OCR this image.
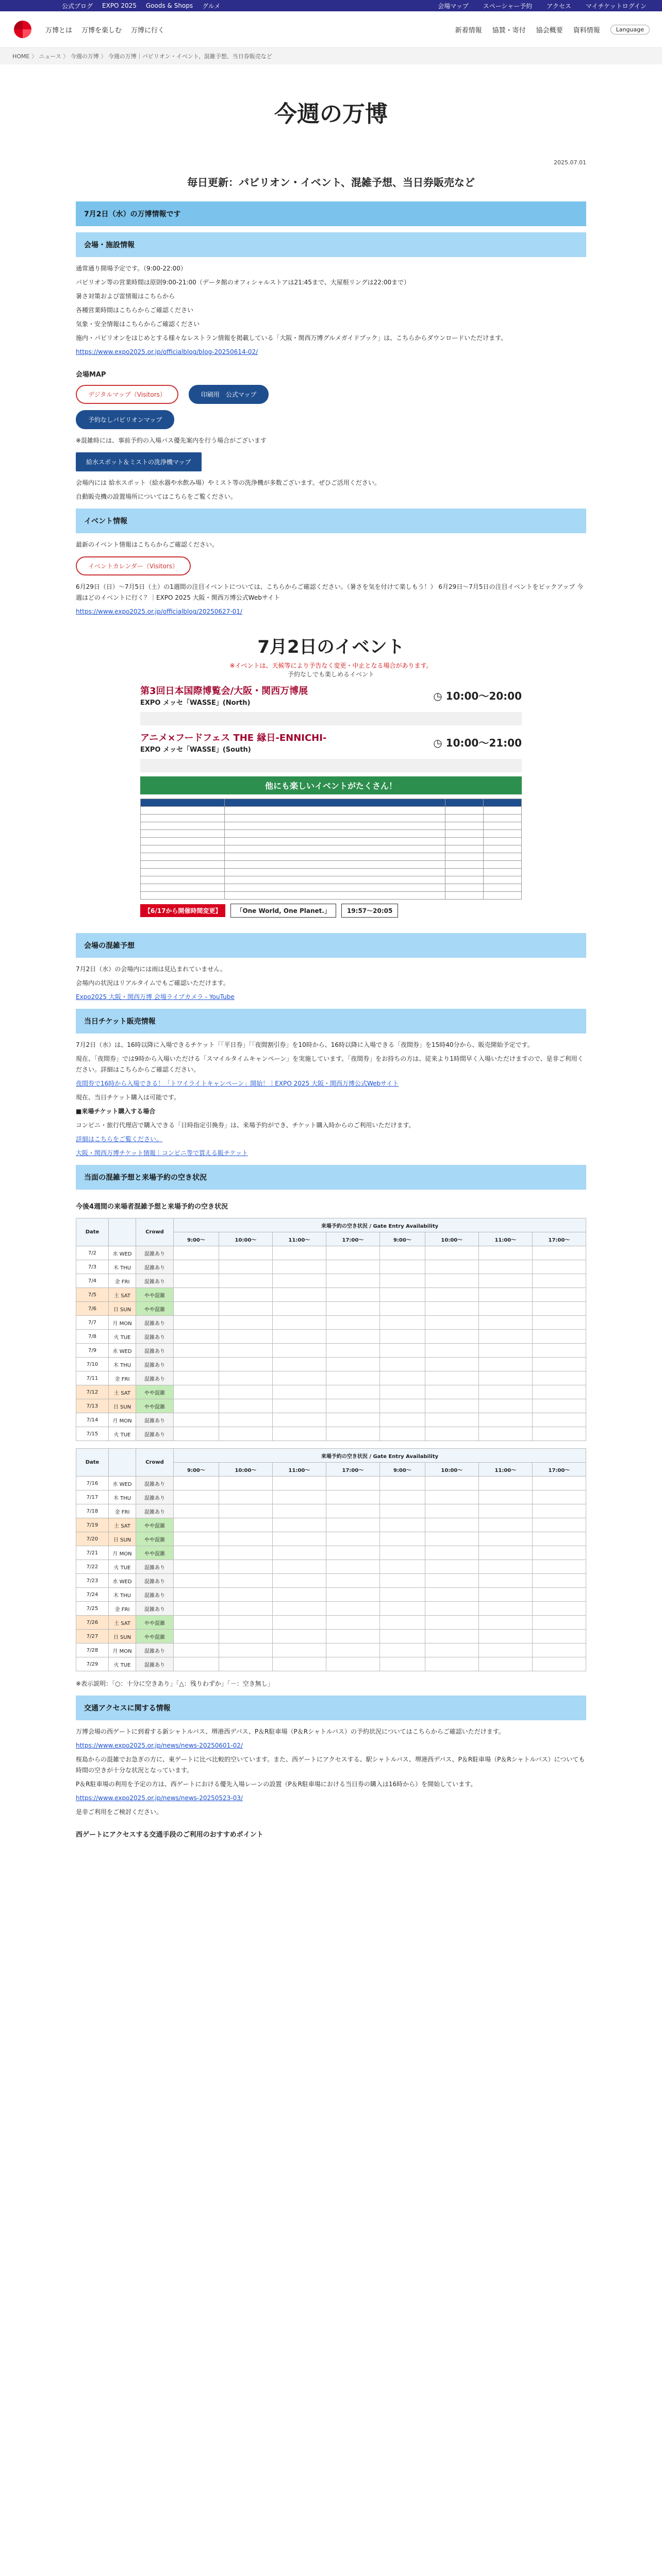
公式ブログ EXPO 2025 Goods & Shops グルメ	会場マップ	スペーシャー予約	アクセス	マイチケットログイン
万博とは 万博を楽しむ 万博に行く	新着情報 協賛・寄付 協会概要 資料情報	Language
HOME 〉 ニュース 〉 今週の万博 〉 今週の万博｜パビリオン・イベント、混雑予想、当日券販売など
今週の万博
2025.07.01
毎日更新：パビリオン・イベント、混雑予想、当日券販売など
7月2日（水）の万博情報です
会場・施設情報

通常通り開場予定です。（9:00-22:00）

パビリオン等の営業時間は原則9:00-21:00（データ館のオフィシャルストアは21:45まで、大屋根リングは22:00まで）

暑さ対策および雷情報はこちらから

各種営業時間はこちらからご確認ください

気象・安全情報はこちらからご確認ください

施内・パビリオンをはじめとする様々なレストラン情報を掲載している「大阪・関西万博グルメガイドブック」は、こちらからダウンロードいただけます。

https://www.expo2025.or.jp/officialblog/blog-20250614-02/

会場MAP
デジタルマップ（Visitors）	印刷用　公式マップ
予約なしパビリオンマップ

※混雑時には、事前予約の入場パス優先案内を行う場合がございます

給水スポット＆ミストの洗浄機マップ

会場内には 給水スポット（給水器や水飲み場）やミスト等の洗浄機が多数ございます。ぜひご活用ください。

自動販売機の設置場所についてはこちらをご覧ください。

イベント情報

最新のイベント情報はこちらからご確認ください。

イベントカレンダー（Visitors）

6月29日（日）〜7月5日（土）の1週間の注目イベントについては、こちらからご確認ください。（暑さを気を付けて楽しもう！） 6月29日〜7月5日の注目イベントをピックアップ 今週はどのイベントに行く？｜EXPO 2025 大阪・関西万博公式Webサイト

https://www.expo2025.or.jp/officialblog/20250627-01/

7月2日のイベント
※イベントは、天候等により予告なく変更・中止となる場合があります。
予約なしでも楽しめるイベント
第3回日本国際博覧会/大阪・関西万博展
EXPO メッセ「WASSE」(North)
◷ 10:00〜20:00
アニメ×フードフェス THE 縁日-ENNICHI-
EXPO メッセ「WASSE」(South)
◷ 10:00〜21:00
他にも楽しいイベントがたくさん！

【6/17から開催時間変更】	「One World, One Planet.」	19:57〜20:05
会場の混雑予想

7月2日（水）の会場内には雨は見込まれていません。

会場内の状況はリアルタイムでもご確認いただけます。

Expo2025 大阪・関西万博 会場ライブカメラ - YouTube

当日チケット販売情報

7月2日（水）は、16時以降に入場できるチケット「「平日券」「「夜間割引券」を10時から、16時以降に入場できる「夜間券」を15時40分から、販売開始予定です。

現在、「夜間券」では9時から入場いただける「スマイルタイムキャンペーン」を実施しています。「夜間券」をお持ちの方は、従来より1時間早く入場いただけますので、是非ご利用ください。詳細はこちらからご確認ください。

夜間券で16時から入場できる！「トワイライトキャンペーン」開始！｜EXPO 2025 大阪・関西万博公式Webサイト

現在、当日チケット購入は可能です。

■来場チケット購入する場合

コンビニ・旅行代理店で購入できる「日時指定引換券」は、来場予約ができ、チケット購入時からのご利用いただけます。

詳細はこちらをご覧ください。

大阪・関西万博チケット情報｜コンビニ等で買える販チケット

当面の混雑予想と来場予約の空き状況
今後4週間の来場者混雑予想と来場予約の空き状況
Date		Crowd	来場予約の空き状況 / Gate Entry Availability							
			9:00〜	10:00〜	11:00〜	17:00〜	9:00〜	10:00〜	11:00〜	17:00〜
7/2	水 WED	混雑あり								
7/3	木 THU	混雑あり								
7/4	金 FRI	混雑あり								
7/5	土 SAT	やや混雑								
7/6	日 SUN	やや混雑								
7/7	月 MON	混雑あり								
7/8	火 TUE	混雑あり								
7/9	水 WED	混雑あり								
7/10	木 THU	混雑あり								
7/11	金 FRI	混雑あり								
7/12	土 SAT	やや混雑								
7/13	日 SUN	やや混雑								
7/14	月 MON	混雑あり								
7/15	火 TUE	混雑あり								
Date		Crowd	来場予約の空き状況 / Gate Entry Availability							
			9:00〜	10:00〜	11:00〜	17:00〜	9:00〜	10:00〜	11:00〜	17:00〜
7/16	水 WED	混雑あり								
7/17	木 THU	混雑あり								
7/18	金 FRI	混雑あり								
7/19	土 SAT	やや混雑								
7/20	日 SUN	やや混雑								
7/21	月 MON	やや混雑								
7/22	火 TUE	混雑あり								
7/23	水 WED	混雑あり								
7/24	木 THU	混雑あり								
7/25	金 FRI	混雑あり								
7/26	土 SAT	やや混雑								
7/27	日 SUN	やや混雑								
7/28	月 MON	混雑あり								
7/29	火 TUE	混雑あり								

※表示説明：「○：十分に空きあり」「△：残りわずか」「－：空き無し」

交通アクセスに関する情報

万博会場の西ゲートに到着する新シャトルバス、堺港西デパス、P＆R駐車場（P＆Rシャトルバス）の予約状況についてはこちらからご確認いただけます。

https://www.expo2025.or.jp/news/news-20250601-02/

桜島からの混雑でお急ぎの方に、東ゲートに比べ比較的空いています。また、西ゲートにアクセスする、駅シャトルバス、堺港西デパス、P＆R駐車場（P＆Rシャトルバス）についても時間の空きが十分な状況となっています。

P＆R駐車場の利用を予定の方は、西ゲートにおける優先入場レーンの設置（P＆R駐車場における当日券の購入は16時から）を開始しています。

https://www.expo2025.or.jp/news/news-20250523-03/

是非ご利用をご検討ください。

西ゲートにアクセスする交通手段のご利用のおすすめポイント
